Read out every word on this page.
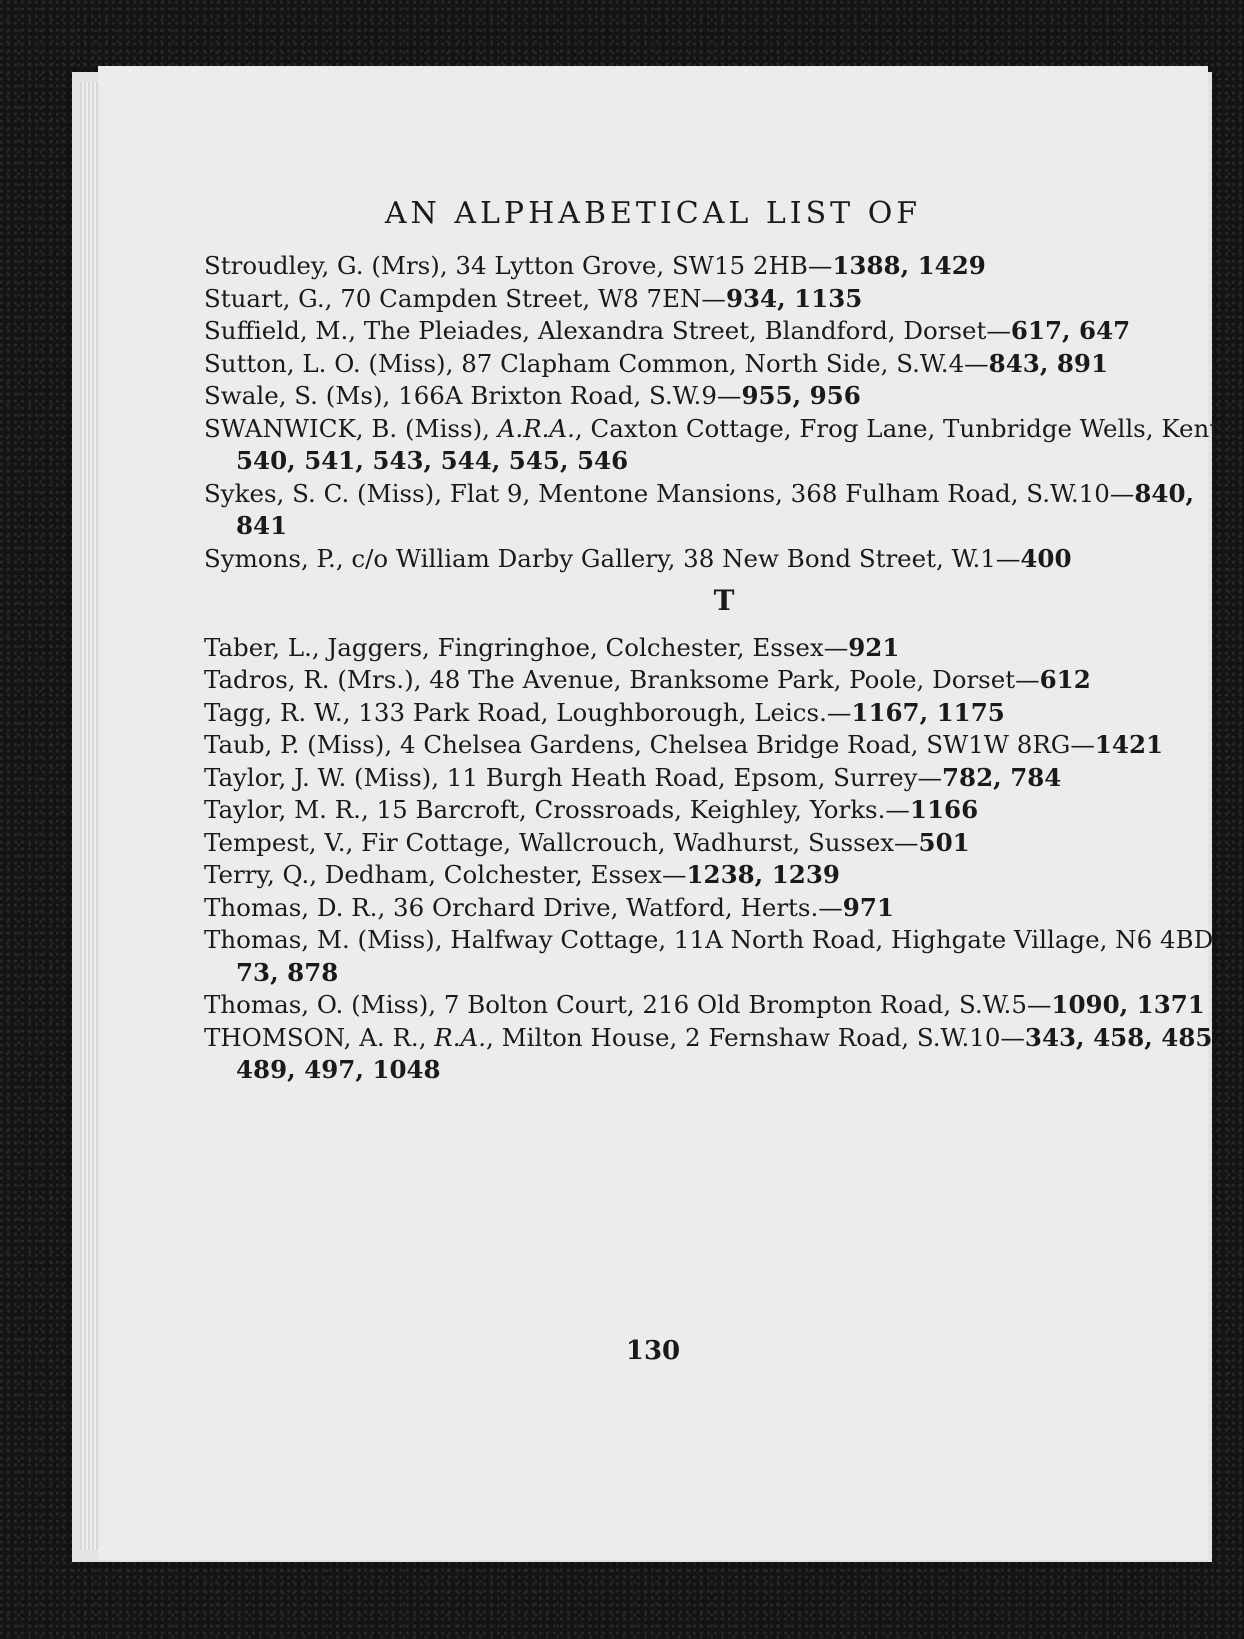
AN ALPHABETICAL LIST OF

Stroudley, G. (Mrs), 34 Lytton Grove, SW15 2HB—1388, 1429

Stuart, G., 70 Campden Street, W8 7EN—934, 1135

Suffield, M., The Pleiades, Alexandra Street, Blandford, Dorset—617, 647

Sutton, L. O. (Miss), 87 Clapham Common, North Side, S.W.4—843, 891

Swale, S. (Ms), 166A Brixton Road, S.W.9—955, 956

SWANWICK, B. (Miss), A.R.A., Caxton Cottage, Frog Lane, Tunbridge Wells, Kent—540, 541, 543, 544, 545, 546

Sykes, S. C. (Miss), Flat 9, Mentone Mansions, 368 Fulham Road, S.W.10—840, 841

Symons, P., c/o William Darby Gallery, 38 New Bond Street, W.1—400

T

Taber, L., Jaggers, Fingringhoe, Colchester, Essex—921

Tadros, R. (Mrs.), 48 The Avenue, Branksome Park, Poole, Dorset—612

Tagg, R. W., 133 Park Road, Loughborough, Leics.—1167, 1175

Taub, P. (Miss), 4 Chelsea Gardens, Chelsea Bridge Road, SW1W 8RG—1421

Taylor, J. W. (Miss), 11 Burgh Heath Road, Epsom, Surrey—782, 784

Taylor, M. R., 15 Barcroft, Crossroads, Keighley, Yorks.—1166

Tempest, V., Fir Cottage, Wallcrouch, Wadhurst, Sussex—501

Terry, Q., Dedham, Colchester, Essex—1238, 1239

Thomas, D. R., 36 Orchard Drive, Watford, Herts.—971

Thomas, M. (Miss), Halfway Cottage, 11A North Road, Highgate Village, N6 4BD—73, 878

Thomas, O. (Miss), 7 Bolton Court, 216 Old Brompton Road, S.W.5—1090, 1371

THOMSON, A. R., R.A., Milton House, 2 Fernshaw Road, S.W.10—343, 458, 485, 489, 497, 1048

130
